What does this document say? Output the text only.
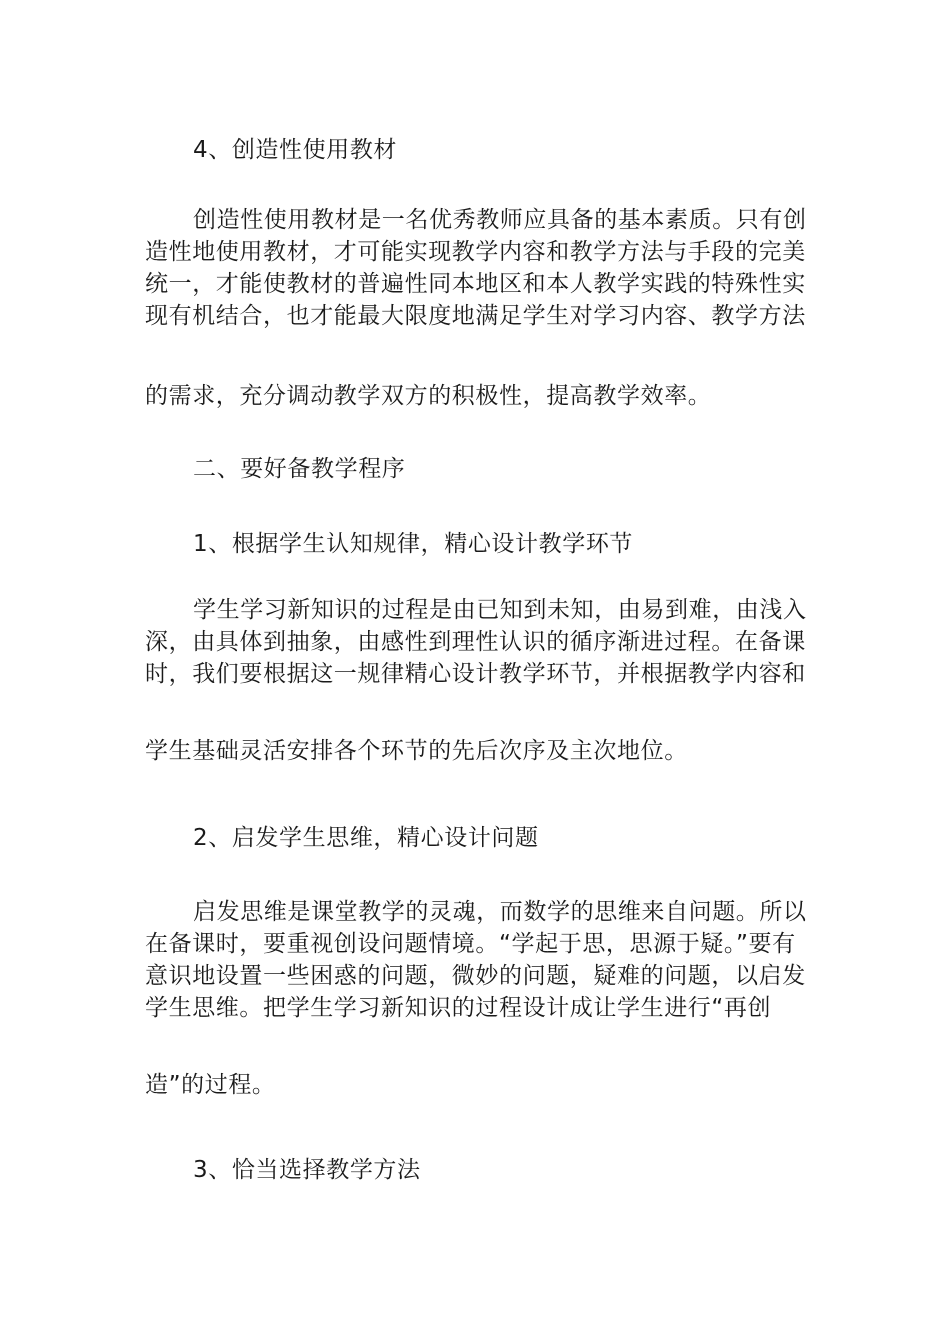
4、创造性使用教材
创造性使用教材是一名优秀教师应具备的基本素质。只有创
造性地使用教材，才可能实现教学内容和教学方法与手段的完美
统一，才能使教材的普遍性同本地区和本人教学实践的特殊性实
现有机结合，也才能最大限度地满足学生对学习内容、教学方法
的需求，充分调动教学双方的积极性，提高教学效率。
二、要好备教学程序
1、根据学生认知规律，精心设计教学环节
学生学习新知识的过程是由已知到未知，由易到难，由浅入
深，由具体到抽象，由感性到理性认识的循序渐进过程。在备课
时，我们要根据这一规律精心设计教学环节，并根据教学内容和
学生基础灵活安排各个环节的先后次序及主次地位。
2、启发学生思维，精心设计问题
启发思维是课堂教学的灵魂，而数学的思维来自问题。所以
在备课时，要重视创设问题情境。“学起于思，思源于疑。”要有
意识地设置一些困惑的问题，微妙的问题，疑难的问题，以启发
学生思维。把学生学习新知识的过程设计成让学生进行“再创
造”的过程。
3、恰当选择教学方法
